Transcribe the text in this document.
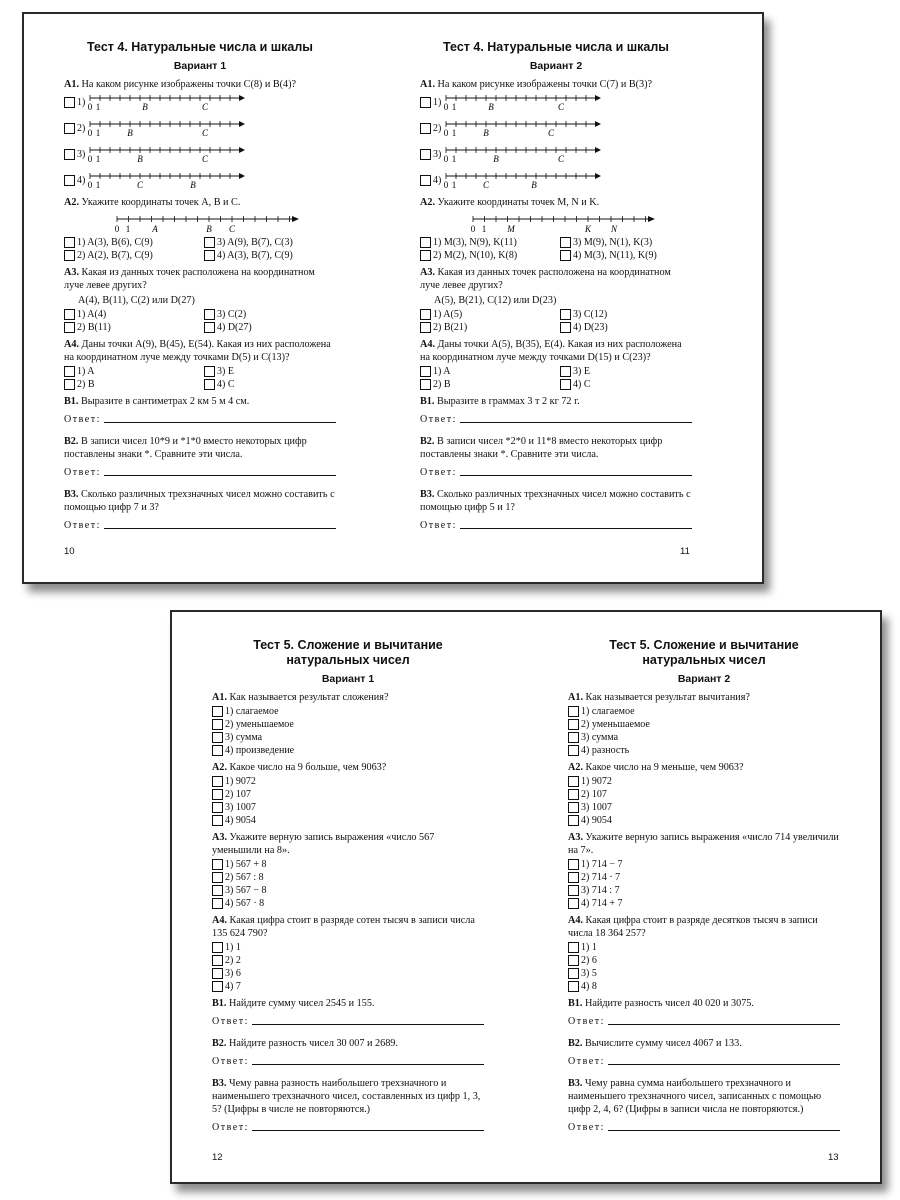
Тест 4. Натуральные числа и шкалы
Вариант 1
А1. На каком рисунке изображены точки C(8) и B(4)?
1) 0 1	B	C
2) 0 1	B	C
3) 0 1	B	C
4) 0 1	C	B
А2. Укажите координаты точек A, B и C.
0 1 A	B C
1) A(3), B(6), C(9)	3) A(9), B(7), C(3)
2) A(2), B(7), C(9)	4) A(3), B(7), C(9)
А3. Какая из данных точек расположена на координатном луче левее других?
A(4), B(11), C(2) или D(27)
1) A(4)	3) C(2)
2) B(11)	4) D(27)
А4. Даны точки A(9), B(45), E(54). Какая из них расположена на координатном луче между точками D(5) и C(13)?
1) A	3) E
2) B	4) C
В1. Выразите в сантиметрах 2 км 5 м 4 см.
Ответ:
В2. В записи чисел 10*9 и *1*0 вместо некоторых цифр поставлены знаки *. Сравните эти числа.
Ответ:
В3. Сколько различных трехзначных чисел можно составить с помощью цифр 7 и 3?
Ответ:
10
Тест 4. Натуральные числа и шкалы
Вариант 2
А1. На каком рисунке изображены точки C(7) и B(3)?
1) 0 1	B	C
2) 0 1	B	C
3) 0 1	B	C
4) 0 1	C	B
А2. Укажите координаты точек M, N и K.
0 1 M	K N
1) M(3), N(9), K(11)	3) M(9), N(1), K(3)
2) M(2), N(10), K(8)	4) M(3), N(11), K(9)
А3. Какая из данных точек расположена на координатном луче левее других?
A(5), B(21), C(12) или D(23)
1) A(5)	3) C(12)
2) B(21)	4) D(23)
А4. Даны точки A(5), B(35), E(4). Какая из них расположена на координатном луче между точками D(15) и C(23)?
1) A	3) E
2) B	4) C
В1. Выразите в граммах 3 т 2 кг 72 г.
Ответ:
В2. В записи чисел *2*0 и 11*8 вместо некоторых цифр поставлены знаки *. Сравните эти числа.
Ответ:
В3. Сколько различных трехзначных чисел можно составить с помощью цифр 5 и 1?
Ответ:
11
Тест 5. Сложение и вычитание
натуральных чисел
Вариант 1
А1. Как называется результат сложения?
1) слагаемое
2) уменьшаемое
3) сумма
4) произведение
А2. Какое число на 9 больше, чем 9063?
1) 9072
2) 107
3) 1007
4) 9054
А3. Укажите верную запись выражения «число 567 уменьшили на 8».
1) 567 + 8
2) 567 : 8
3) 567 − 8
4) 567 · 8
А4. Какая цифра стоит в разряде сотен тысяч в записи числа 135 624 790?
1) 1
2) 2
3) 6
4) 7
В1. Найдите сумму чисел 2545 и 155.
Ответ:
В2. Найдите разность чисел 30 007 и 2689.
Ответ:
В3. Чему равна разность наибольшего трехзначного и наименьшего трехзначного чисел, составленных из цифр 1, 3, 5? (Цифры в числе не повторяются.)
Ответ:
12
Тест 5. Сложение и вычитание
натуральных чисел
Вариант 2
А1. Как называется результат вычитания?
1) слагаемое
2) уменьшаемое
3) сумма
4) разность
А2. Какое число на 9 меньше, чем 9063?
1) 9072
2) 107
3) 1007
4) 9054
А3. Укажите верную запись выражения «число 714 увеличили на 7».
1) 714 − 7
2) 714 · 7
3) 714 : 7
4) 714 + 7
А4. Какая цифра стоит в разряде десятков тысяч в записи числа 18 364 257?
1) 1
2) 6
3) 5
4) 8
В1. Найдите разность чисел 40 020 и 3075.
Ответ:
В2. Вычислите сумму чисел 4067 и 133.
Ответ:
В3. Чему равна сумма наибольшего трехзначного и наименьшего трехзначного чисел, записанных с помощью цифр 2, 4, 6? (Цифры в записи числа не повторяются.)
Ответ:
13
